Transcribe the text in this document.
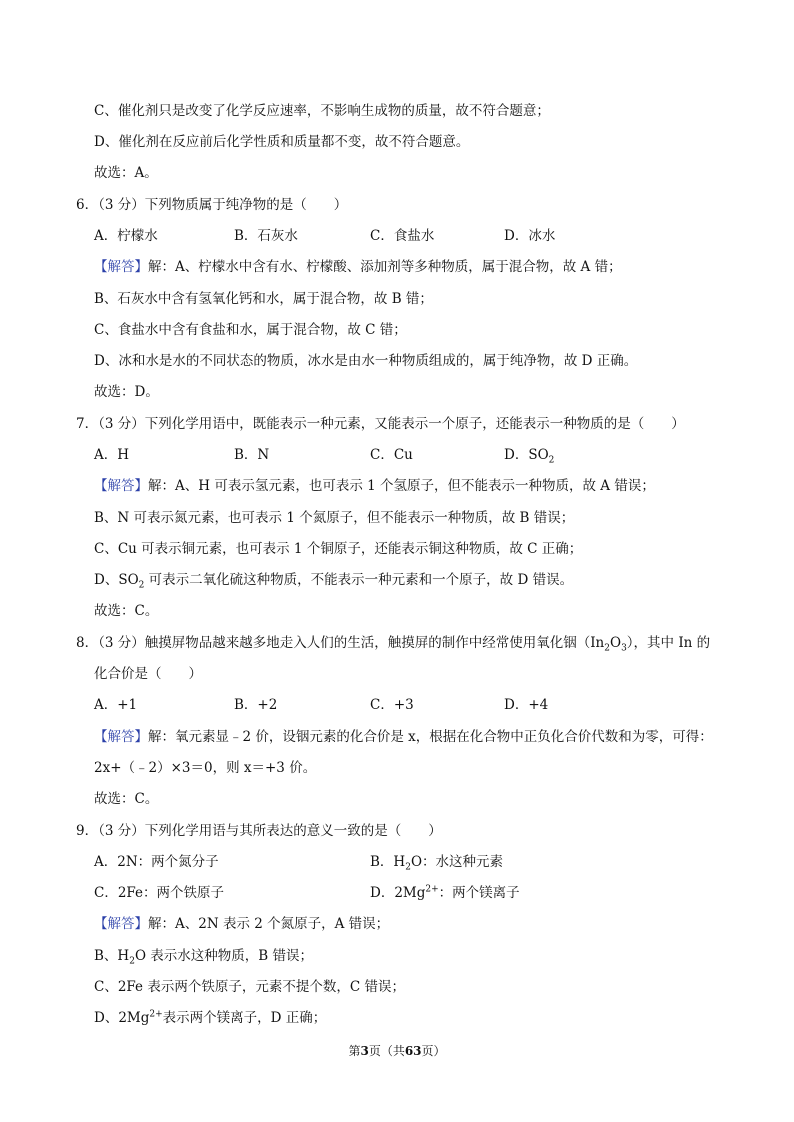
C、催化剂只是改变了化学反应速率，不影响生成物的质量，故不符合题意；
D、催化剂在反应前后化学性质和质量都不变，故不符合题意。
故选：A。
6．（3 分）下列物质属于纯净物的是（　　）
A．柠檬水	B．石灰水	C．食盐水	D．冰水
【解答】解：A、柠檬水中含有水、柠檬酸、添加剂等多种物质，属于混合物，故 A 错；
B、石灰水中含有氢氧化钙和水，属于混合物，故 B 错；
C、食盐水中含有食盐和水，属于混合物，故 C 错；
D、冰和水是水的不同状态的物质，冰水是由水一种物质组成的，属于纯净物，故 D 正确。
故选：D。
7．（3 分）下列化学用语中，既能表示一种元素，又能表示一个原子，还能表示一种物质的是（　　）
A．H	B．N	C．Cu	D．$SO_2$
【解答】解：A、H 可表示氢元素，也可表示 1 个氢原子，但不能表示一种物质，故 A 错误；
B、N 可表示氮元素，也可表示 1 个氮原子，但不能表示一种物质，故 B 错误；
C、Cu 可表示铜元素，也可表示 1 个铜原子，还能表示铜这种物质，故 C 正确；
D、$SO_2$ 可表示二氧化硫这种物质，不能表示一种元素和一个原子，故 D 错误。
故选：C。
8．（3 分）触摸屏物品越来越多地走入人们的生活，触摸屏的制作中经常使用氧化铟$(In_2O_3)$，其中 In 的
化合价是（　　）
A．+1	B．+2	C．+3	D．+4
【解答】解：氧元素显﹣2 价，设铟元素的化合价是 x，根据在化合物中正负化合价代数和为零，可得：
2x+（﹣2）×3＝0，则 x＝+3 价。
故选：C。
9．（3 分）下列化学用语与其所表达的意义一致的是（　　）
A．2N：两个氮分子	B．$H_2O$：水这种元素
C．2Fe：两个铁原子	D．$2Mg^{2+}$：两个镁离子
【解答】解：A、2N 表示 2 个氮原子，A 错误；
B、$H_2O$ 表示水这种物质，B 错误；
C、2Fe 表示两个铁原子，元素不提个数，C 错误；
D、$2Mg^{2+}$表示两个镁离子，D 正确；
第3页（共63页）
